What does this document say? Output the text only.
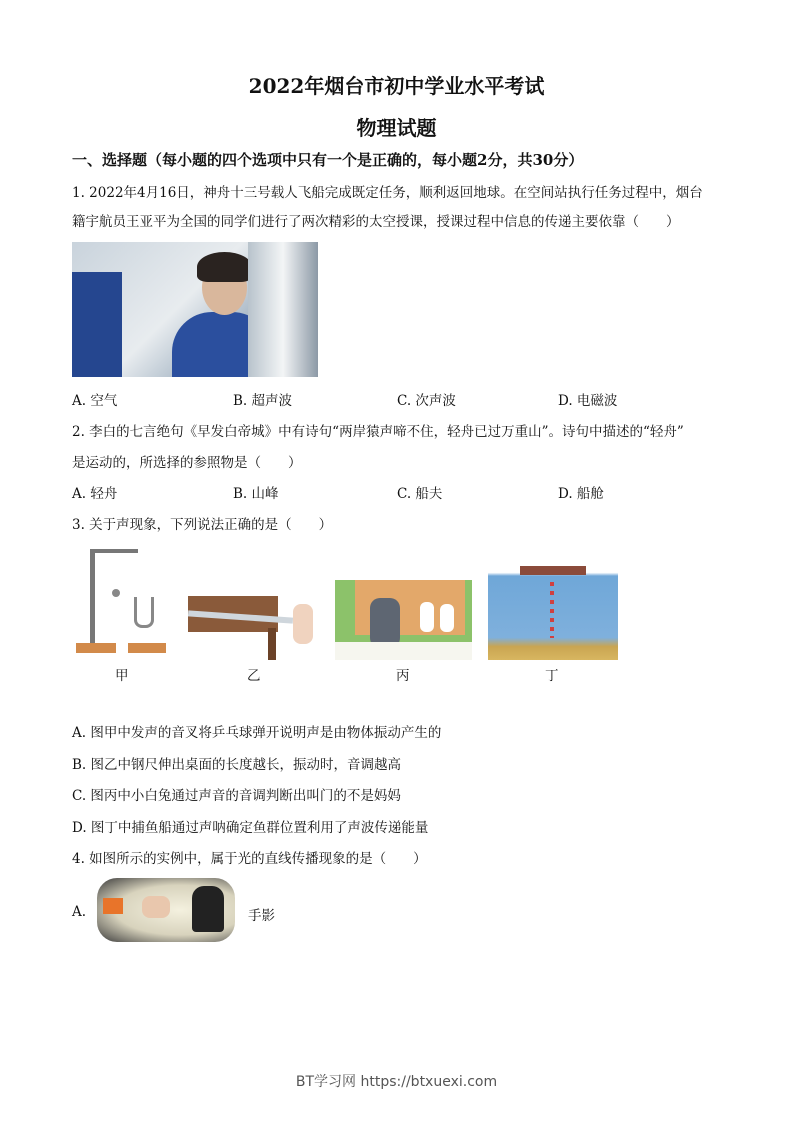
2022年烟台市初中学业水平考试
物理试题
一、选择题（每小题的四个选项中只有一个是正确的，每小题2分，共30分）
1. 2022年4月16日，神舟十三号载人飞船完成既定任务，顺利返回地球。在空间站执行任务过程中，烟台
籍宇航员王亚平为全国的同学们进行了两次精彩的太空授课，授课过程中信息的传递主要依靠（　　）
A. 空气	B. 超声波	C. 次声波	D. 电磁波
2. 李白的七言绝句《早发白帝城》中有诗句“两岸猿声啼不住，轻舟已过万重山”。诗句中描述的“轻舟”
是运动的，所选择的参照物是（　　）
A. 轻舟	B. 山峰	C. 船夫	D. 船舱
3. 关于声现象，下列说法正确的是（　　）
甲	乙	丙	丁
A. 图甲中发声的音叉将乒乓球弹开说明声是由物体振动产生的
B. 图乙中钢尺伸出桌面的长度越长，振动时，音调越高
C. 图丙中小白兔通过声音的音调判断出叫门的不是妈妈
D. 图丁中捕鱼船通过声呐确定鱼群位置利用了声波传递能量
4. 如图所示的实例中，属于光的直线传播现象的是（　　）
A.	手影
BT学习网 https://btxuexi.com
